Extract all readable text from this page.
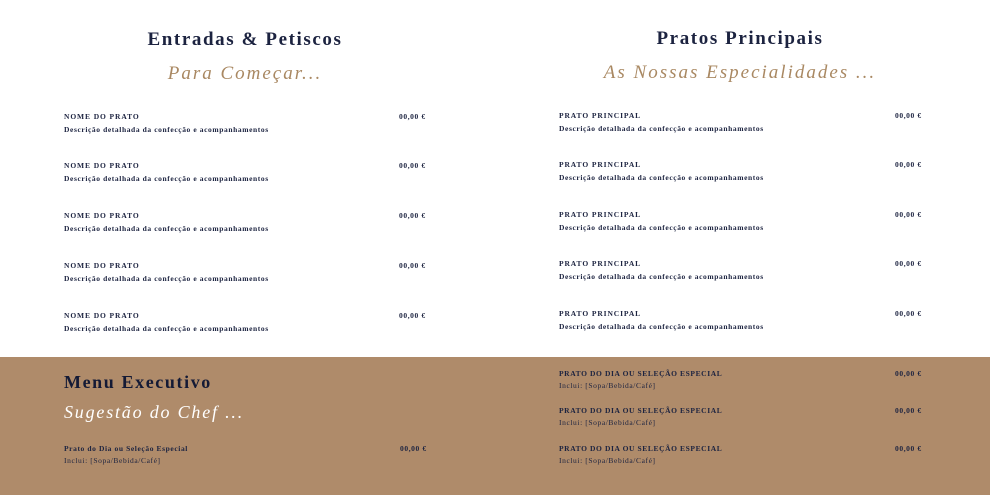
Entradas & Petiscos
Para Começar...
Pratos Principais
As Nossas Especialidades ...
NOME DO PRATO
Descrição detalhada da confecção e acompanhamentos
00,00 €
NOME DO PRATO
Descrição detalhada da confecção e acompanhamentos
00,00 €
NOME DO PRATO
Descrição detalhada da confecção e acompanhamentos
00,00 €
NOME DO PRATO
Descrição detalhada da confecção e acompanhamentos
00,00 €
NOME DO PRATO
Descrição detalhada da confecção e acompanhamentos
00,00 €
PRATO PRINCIPAL
Descrição detalhada da confecção e acompanhamentos
00,00 €
PRATO PRINCIPAL
Descrição detalhada da confecção e acompanhamentos
00,00 €
PRATO PRINCIPAL
Descrição detalhada da confecção e acompanhamentos
00,00 €
PRATO PRINCIPAL
Descrição detalhada da confecção e acompanhamentos
00,00 €
PRATO PRINCIPAL
Descrição detalhada da confecção e acompanhamentos
00,00 €
Menu Executivo
Sugestão do Chef ...
Prato do Dia ou Seleção Especial
Inclui: [Sopa/Bebida/Café]
00,00 €
PRATO DO DIA OU SELEÇÃO ESPECIAL
Inclui: [Sopa/Bebida/Café]
00,00 €
PRATO DO DIA OU SELEÇÃO ESPECIAL
Inclui: [Sopa/Bebida/Café]
00,00 €
PRATO DO DIA OU SELEÇÃO ESPECIAL
Inclui: [Sopa/Bebida/Café]
00,00 €
